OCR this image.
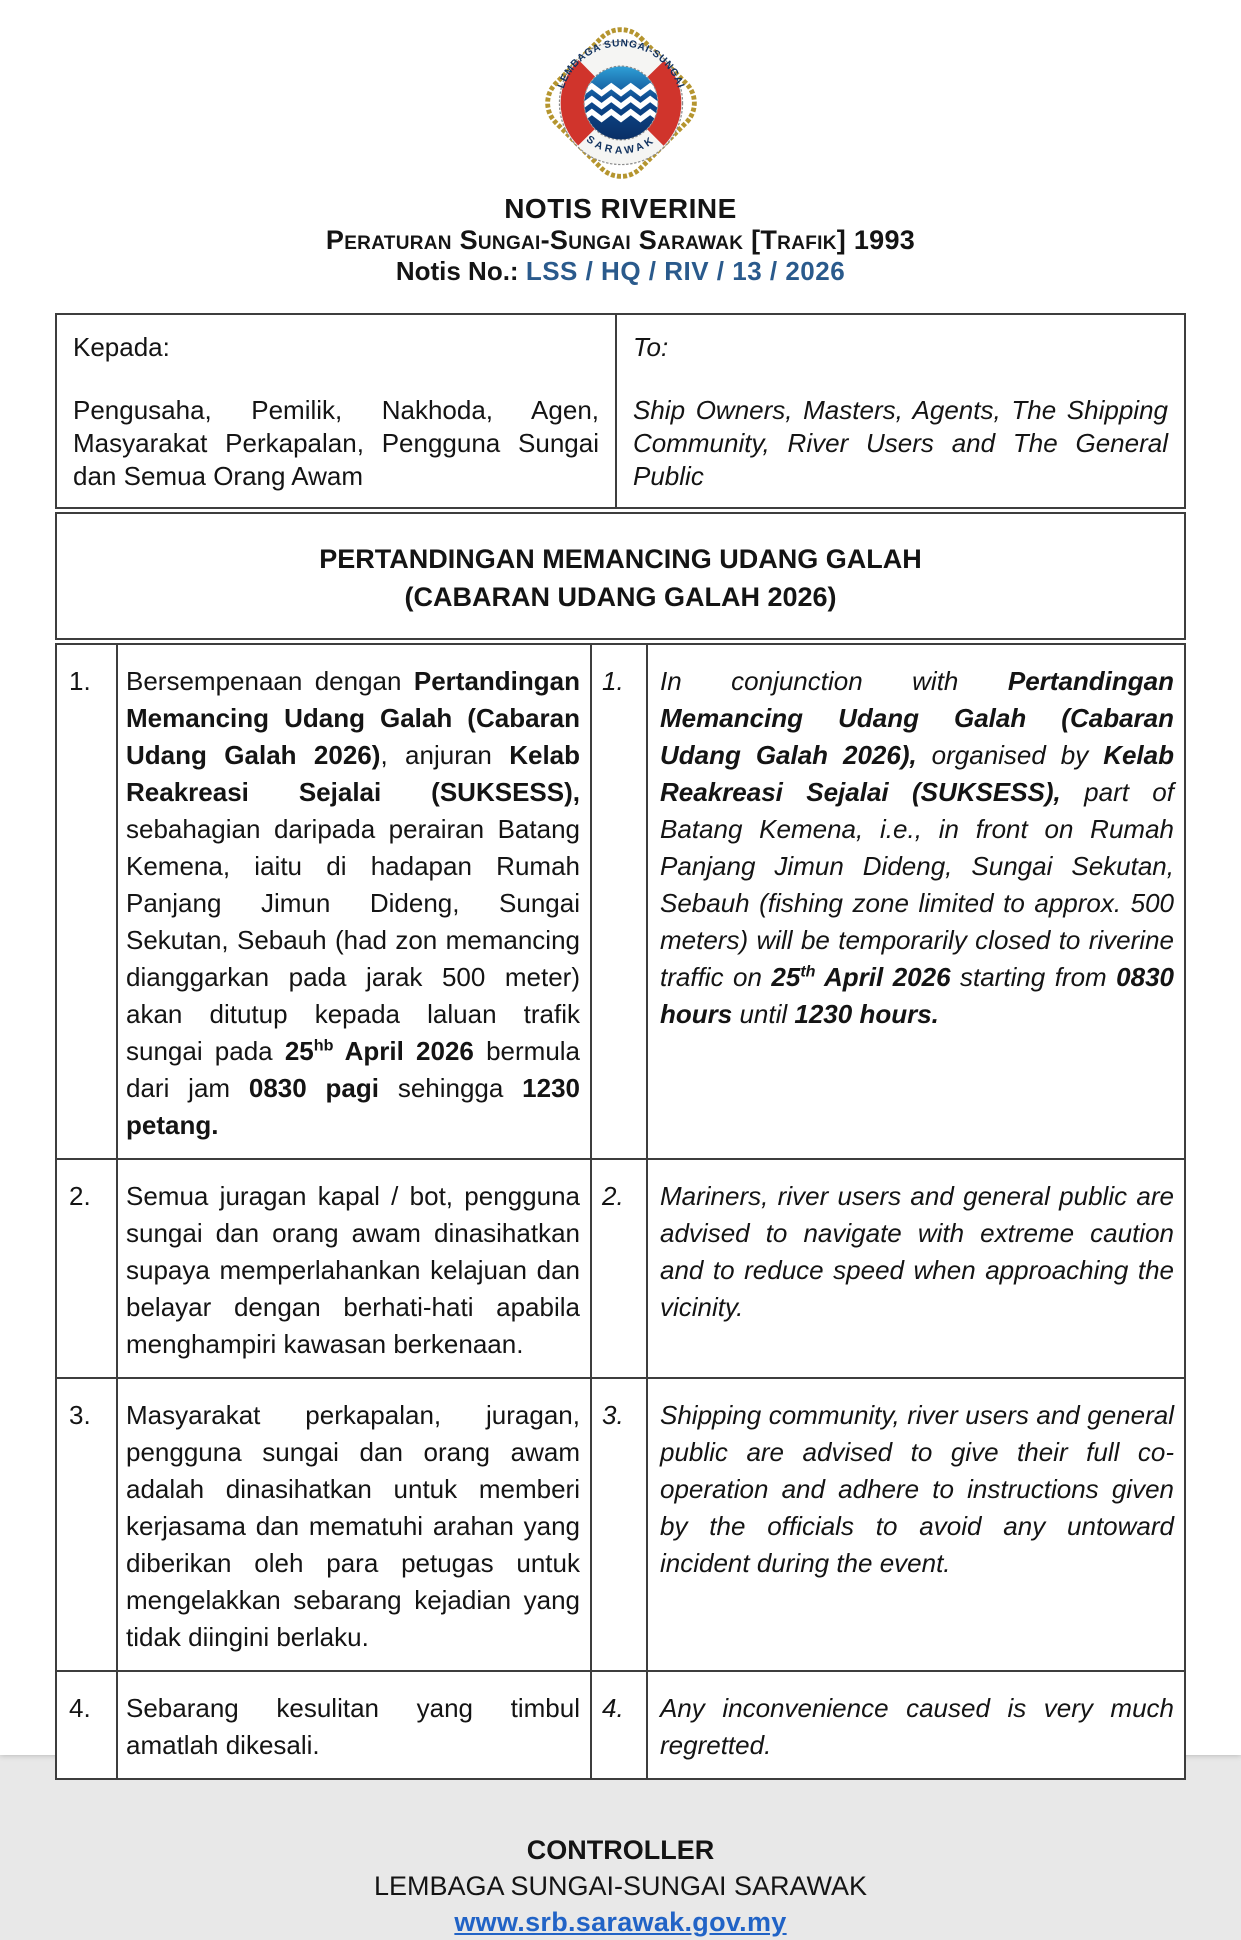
LEMBAGA SUNGAI-SUNGAI
SARAWAK
NOTIS RIVERINE
Peraturan Sungai-Sungai Sarawak [Trafik] 1993
Notis No.: LSS / HQ / RIV / 13 / 2026
Kepada:
Pengusaha, Pemilik, Nakhoda, Agen, Masyarakat Perkapalan, Pengguna Sungai dan Semua Orang Awam
To:
Ship Owners, Masters, Agents, The Shipping Community, River Users and The General Public
PERTANDINGAN MEMANCING UDANG GALAH
(CABARAN UDANG GALAH 2026)
1.	Bersempenaan dengan Pertandingan Memancing Udang Galah (Cabaran Udang Galah 2026), anjuran Kelab Reakreasi Sejalai (SUKSESS), sebahagian daripada perairan Batang Kemena, iaitu di hadapan Rumah Panjang Jimun Dideng, Sungai Sekutan, Sebauh (had zon memancing dianggarkan pada jarak 500 meter) akan ditutup kepada laluan trafik sungai pada $25^{hb}$ April 2026 bermula dari jam 0830 pagi sehingga 1230 petang.
1.	In conjunction with Pertandingan Memancing Udang Galah (Cabaran Udang Galah 2026), organised by Kelab Reakreasi Sejalai (SUKSESS), part of Batang Kemena, i.e., in front on Rumah Panjang Jimun Dideng, Sungai Sekutan, Sebauh (fishing zone limited to approx. 500 meters) will be temporarily closed to riverine traffic on 25th April 2026 starting from 0830 hours until 1230 hours.
2.	Semua juragan kapal / bot, pengguna sungai dan orang awam dinasihatkan supaya memperlahankan kelajuan dan belayar dengan berhati-hati apabila menghampiri kawasan berkenaan.
2.	Mariners, river users and general public are advised to navigate with extreme caution and to reduce speed when approaching the vicinity.
3.	Masyarakat perkapalan, juragan, pengguna sungai dan orang awam adalah dinasihatkan untuk memberi kerjasama dan mematuhi arahan yang diberikan oleh para petugas untuk mengelakkan sebarang kejadian yang tidak diingini berlaku.
3.	Shipping community, river users and general public are advised to give their full co-operation and adhere to instructions given by the officials to avoid any untoward incident during the event.
4.	Sebarang kesulitan yang timbul amatlah dikesali.
4.	Any inconvenience caused is very much regretted.
CONTROLLER
LEMBAGA SUNGAI-SUNGAI SARAWAK
www.srb.sarawak.gov.my
